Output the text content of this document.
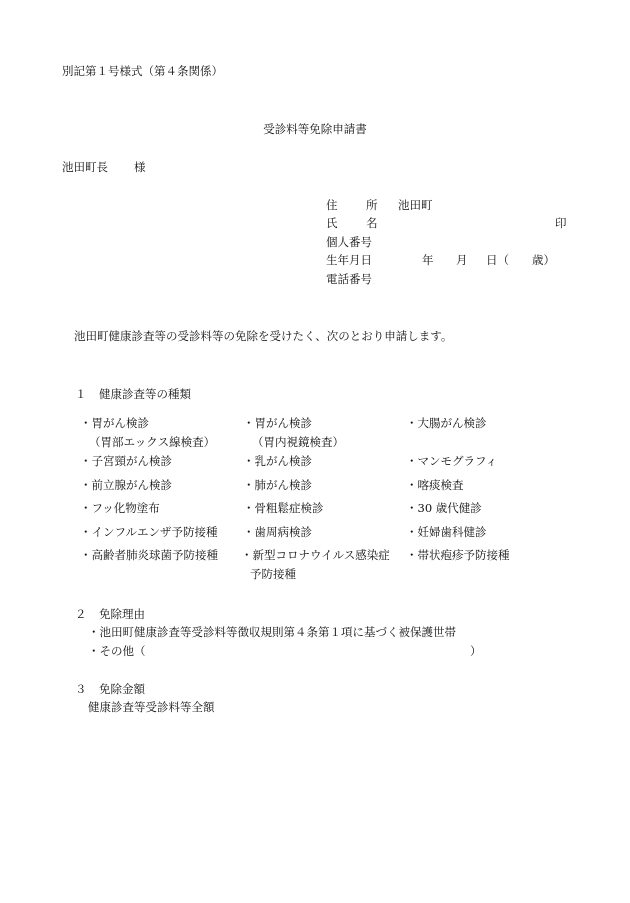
別記第１号様式（第４条関係）
受診料等免除申請書
池田町長 様
住 所 池田町
氏 名	印
個人番号
生年月日	年 月 日（ 歳）
電話番号
池田町健康診査等の受診料等の免除を受けたく、次のとおり申請します。
１ 健康診査等の種類
・胃がん検診	・胃がん検診	・大腸がん検診
（胃部エックス線検査）	（胃内視鏡検査）
・子宮頸がん検診	・乳がん検診	・マンモグラフィ
・前立腺がん検診	・肺がん検診	・喀痰検査
・フッ化物塗布	・骨粗鬆症検診	・30 歳代健診
・インフルエンザ予防接種 ・歯周病検診	・妊婦歯科健診
・高齢者肺炎球菌予防接種 ・新型コロナウイルス感染症 ・帯状疱疹予防接種
予防接種
２ 免除理由
・池田町健康診査等受診料等徴収規則第４条第１項に基づく被保護世帯
・その他（	）
３ 免除金額
健康診査等受診料等全額
